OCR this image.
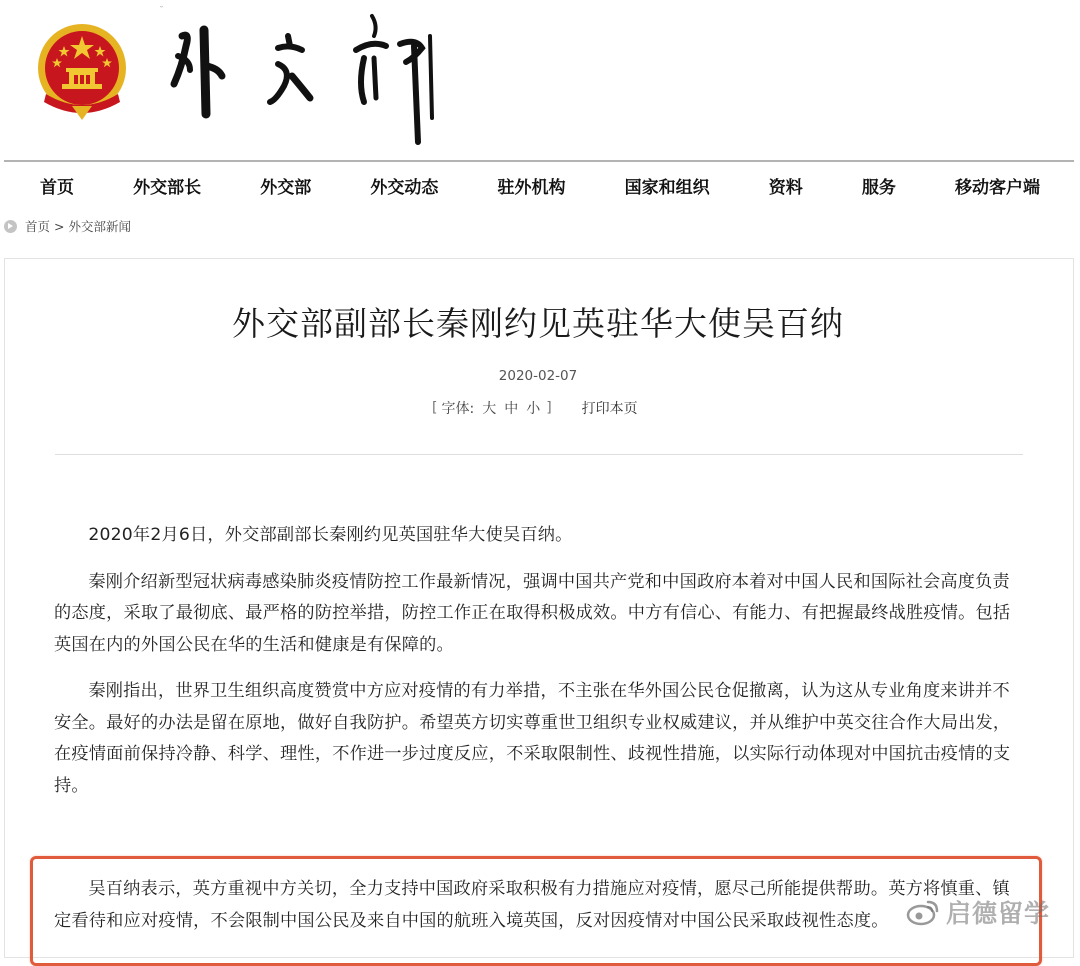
首页	外交部长	外交部	外交动态	驻外机构	国家和组织	资料	服务	移动客户端
首页 > 外交部新闻
外交部副部长秦刚约见英驻华大使吴百纳
2020-02-07
[ 字体: 大 中 小 ] 打印本页

2020年2月6日，外交部副部长秦刚约见英国驻华大使吴百纳。

秦刚介绍新型冠状病毒感染肺炎疫情防控工作最新情况，强调中国共产党和中国政府本着对中国人民和国际社会高度负责的态度，采取了最彻底、最严格的防控举措，防控工作正在取得积极成效。中方有信心、有能力、有把握最终战胜疫情。包括英国在内的外国公民在华的生活和健康是有保障的。

秦刚指出，世界卫生组织高度赞赏中方应对疫情的有力举措，不主张在华外国公民仓促撤离，认为这从专业角度来讲并不安全。最好的办法是留在原地，做好自我防护。希望英方切实尊重世卫组织专业权威建议，并从维护中英交往合作大局出发，在疫情面前保持冷静、科学、理性，不作进一步过度反应，不采取限制性、歧视性措施，以实际行动体现对中国抗击疫情的支持。

吴百纳表示，英方重视中方关切，全力支持中国政府采取积极有力措施应对疫情，愿尽己所能提供帮助。英方将慎重、镇定看待和应对疫情，不会限制中国公民及来自中国的航班入境英国，反对因疫情对中国公民采取歧视性态度。	启德留学
